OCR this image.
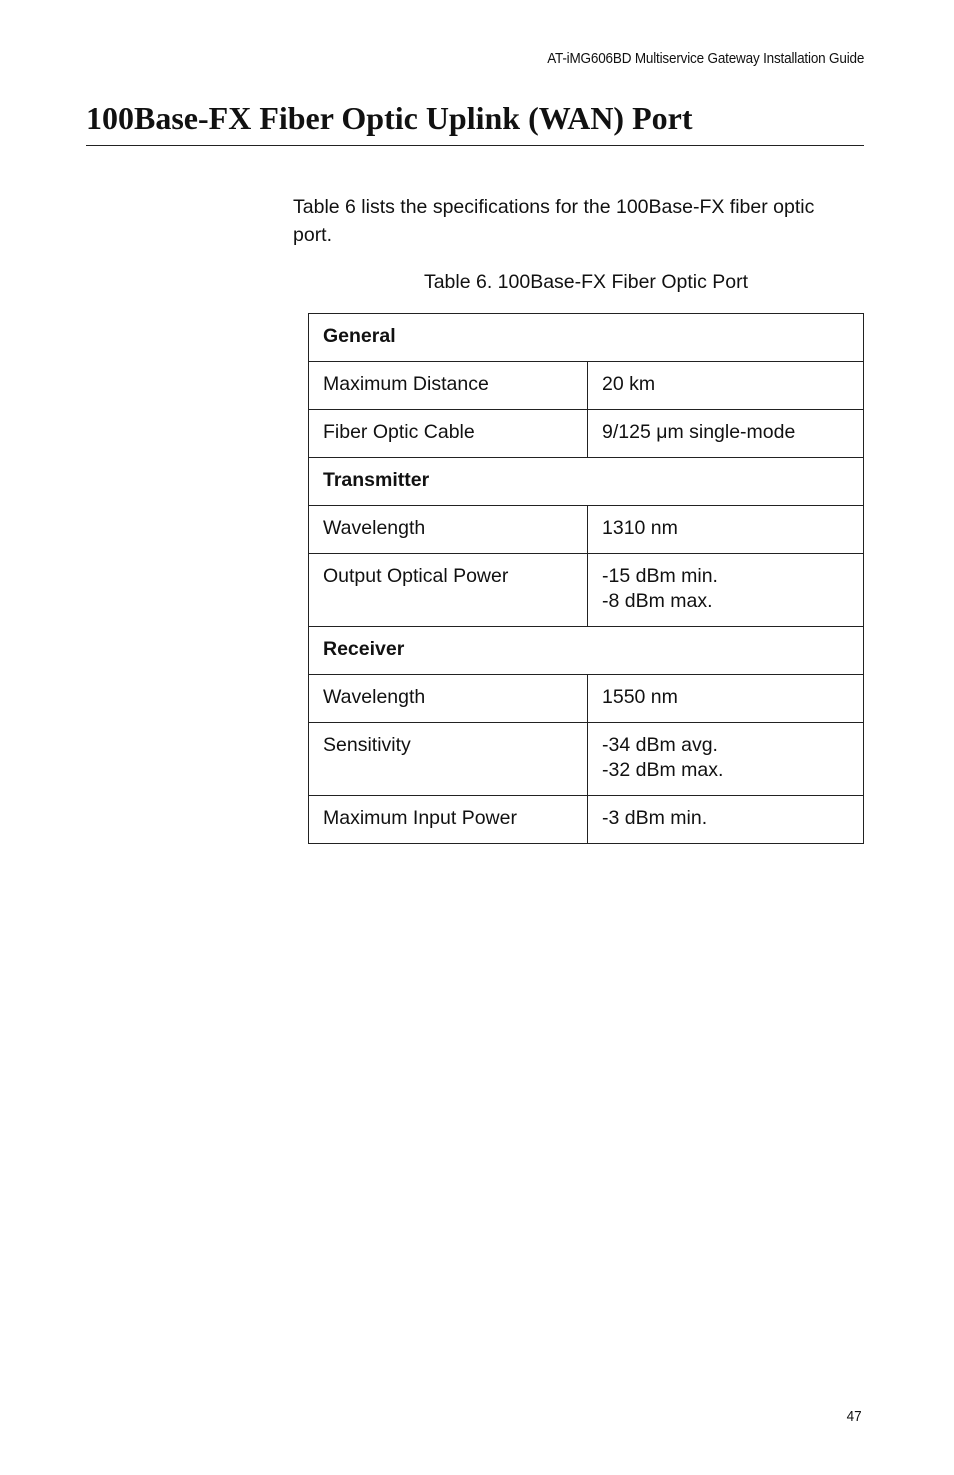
AT-iMG606BD Multiservice Gateway Installation Guide
100Base-FX Fiber Optic Uplink (WAN) Port

Table 6 lists the specifications for the 100Base-FX fiber optic port.

Table 6. 100Base-FX Fiber Optic Port
General	
Maximum Distance	20 km
Fiber Optic Cable	9/125 μm single-mode
Transmitter	
Wavelength	1310 nm
Output Optical Power	-15 dBm min.
-8 dBm max.
Receiver	
Wavelength	1550 nm
Sensitivity	-34 dBm avg.
-32 dBm max.
Maximum Input Power	-3 dBm min.
47
